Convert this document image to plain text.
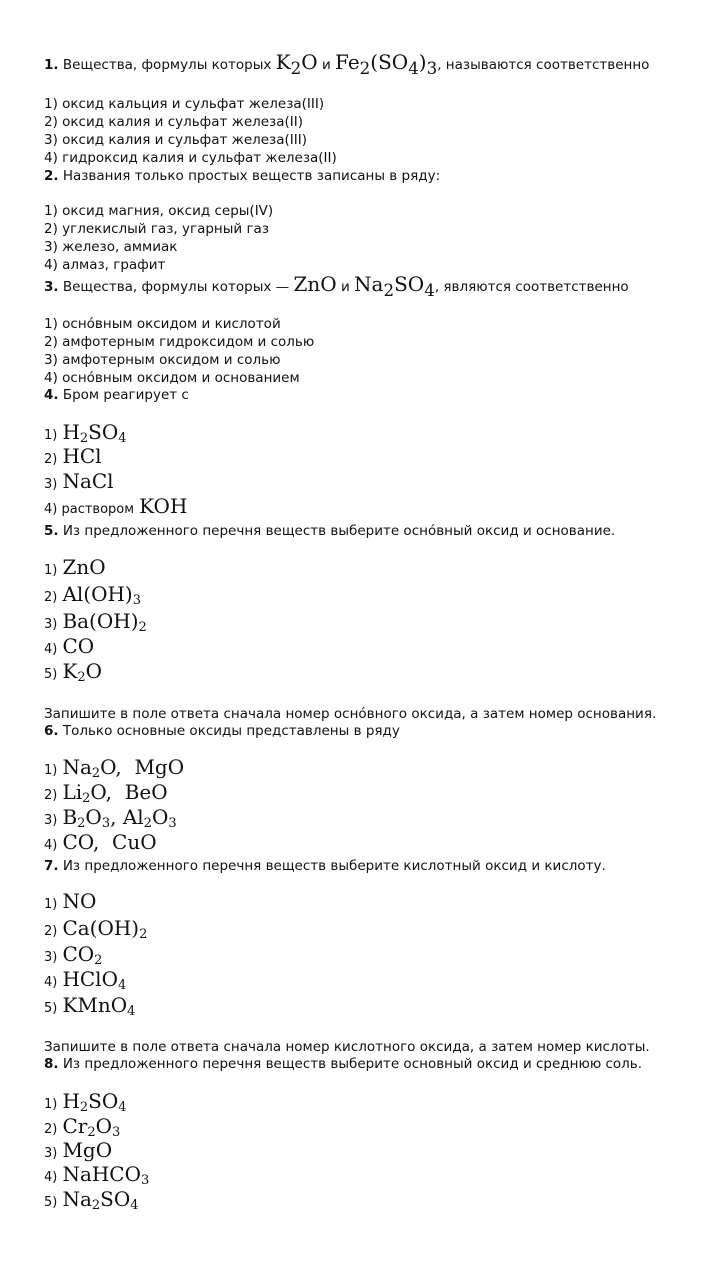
1. Вещества, формулы которых $K_2O$ и $Fe_2(SO_4)_3$, называются соответственно
1) оксид кальция и сульфат железа(III)
2) оксид калия и сульфат железа(II)
3) оксид калия и сульфат железа(III)
4) гидроксид калия и сульфат железа(II)
2. Названия только простых веществ записаны в ряду:
1) оксид магния, оксид серы(IV)
2) углекислый газ, угарный газ
3) железо, аммиак
4) алмаз, графит
3. Вещества, формулы которых — ZnO и $Na_2SO_4$, являются соответственно
1) оснóвным оксидом и кислотой
2) амфотерным гидроксидом и солью
3) амфотерным оксидом и солью
4) оснóвным оксидом и основанием
4. Бром реагирует с
1) $H_2SO_4$
2) HCl
3) NaCl
4) раствором KOH
5. Из предложенного перечня веществ выберите оснóвный оксид и основание.
1) ZnO
2) $Al(OH)_3$
3) $Ba(OH)_2$
4) CO
5) $K_2O$
Запишите в поле ответа сначала номер оснóвного оксида, а затем номер основания.
6. Только основные оксиды представлены в ряду
1) $Na_2O$,  MgO
2) $Li_2O$,  BeO
3) $B_2O_3$, $Al_2O_3$
4) CO,  CuO
7. Из предложенного перечня веществ выберите кислотный оксид и кислоту.
1) NO
2) $Ca(OH)_2$
3) $CO_2$
4) HClO$_4$
5) KMnO$_4$
Запишите в поле ответа сначала номер кислотного оксида, а затем номер кислоты.
8. Из предложенного перечня веществ выберите основный оксид и среднюю соль.
1) $H_2SO_4$
2) $Cr_2O_3$
3) MgO
4) NaHCO$_3$
5) $Na_2SO_4$
